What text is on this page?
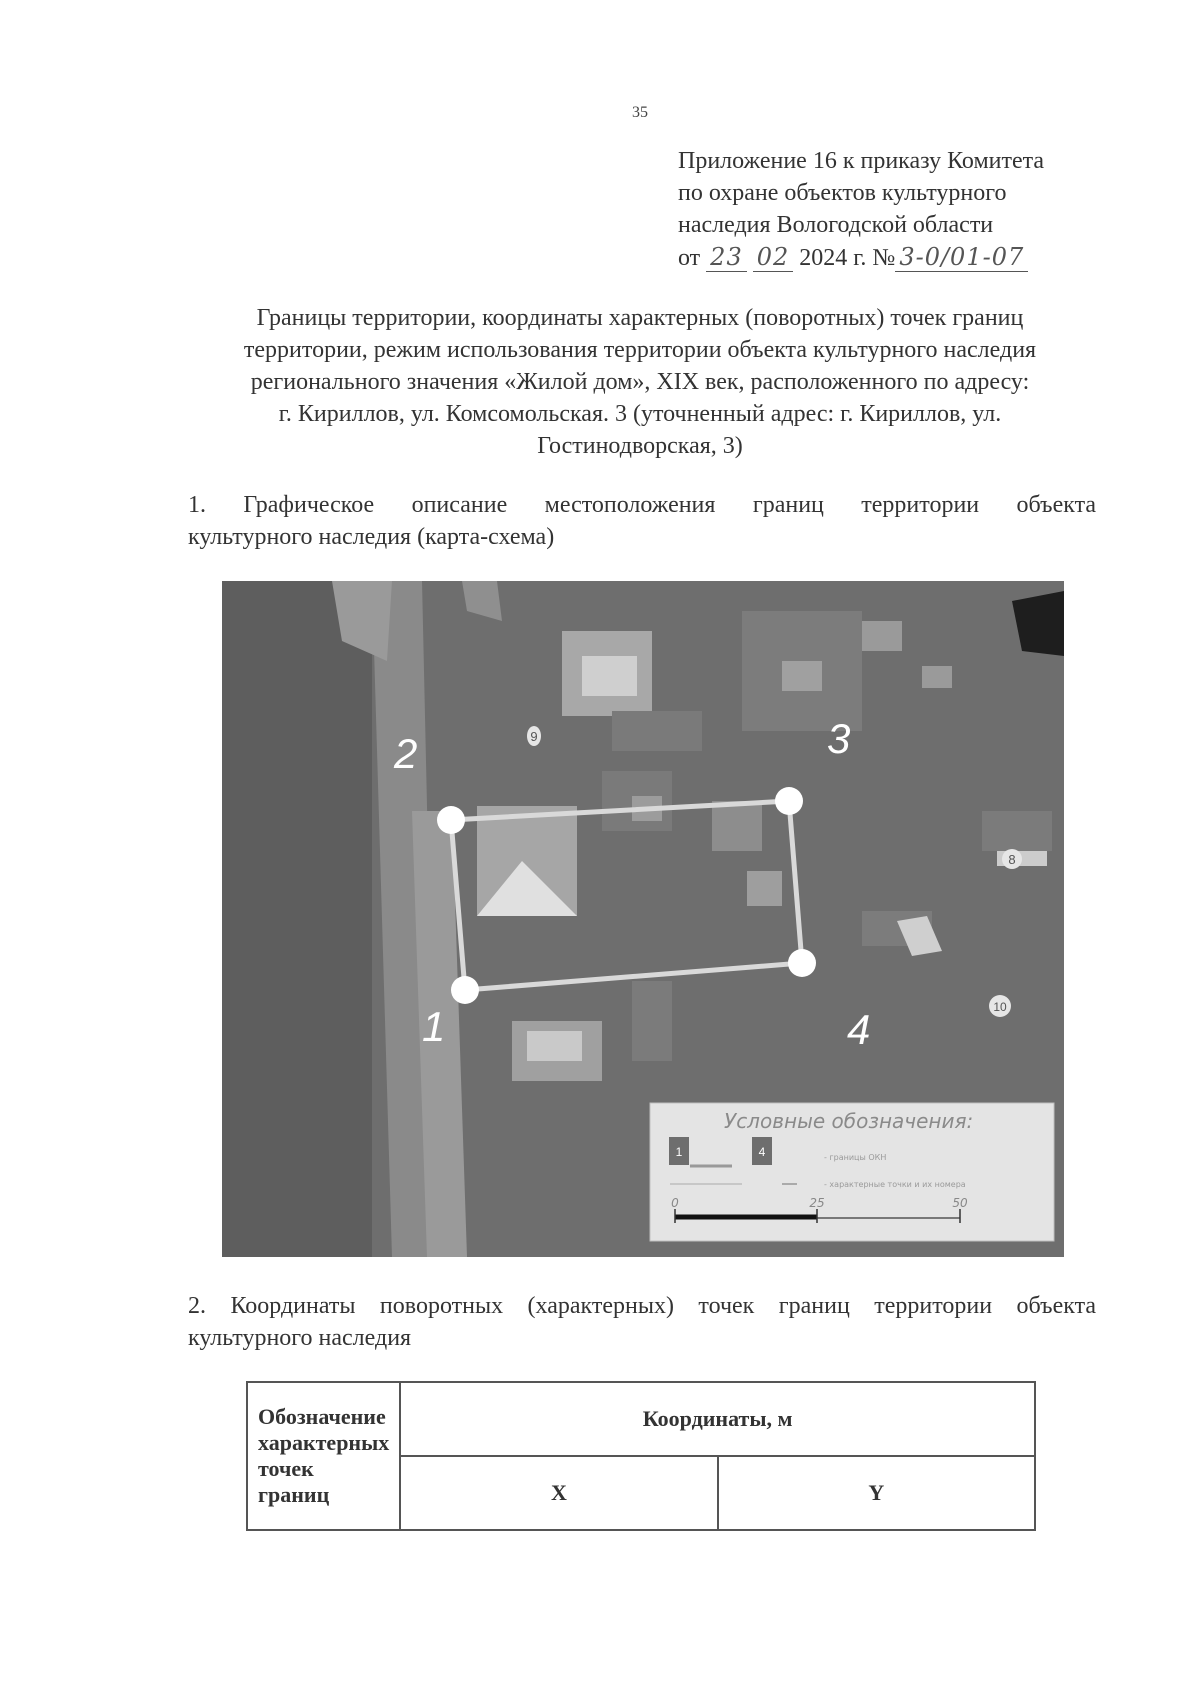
35
Приложение 16 к приказу Комитета
по охране объектов культурного
наследия Вологодской области
от 23 02 2024 г. № 3-0/01-07
Границы территории, координаты характерных (поворотных) точек границ
территории, режим использования территории объекта культурного наследия
регионального значения «Жилой дом», XIX век, расположенного по адресу:
г. Кириллов, ул. Комсомольская. 3 (уточненный адрес: г. Кириллов, ул.
Гостинодворская, 3)
1. Графическое описание местоположения границ территории объекта
культурного наследия (карта-схема)
9
8
10
1
2	3
4
Условные обозначения:
1	4	- границы ОКН
- характерные точки и их номера
0	25	50
2. Координаты поворотных (характерных) точек границ территории объекта
культурного наследия
Обозначение характерных точек границ	Координаты, м	
	X	Y
